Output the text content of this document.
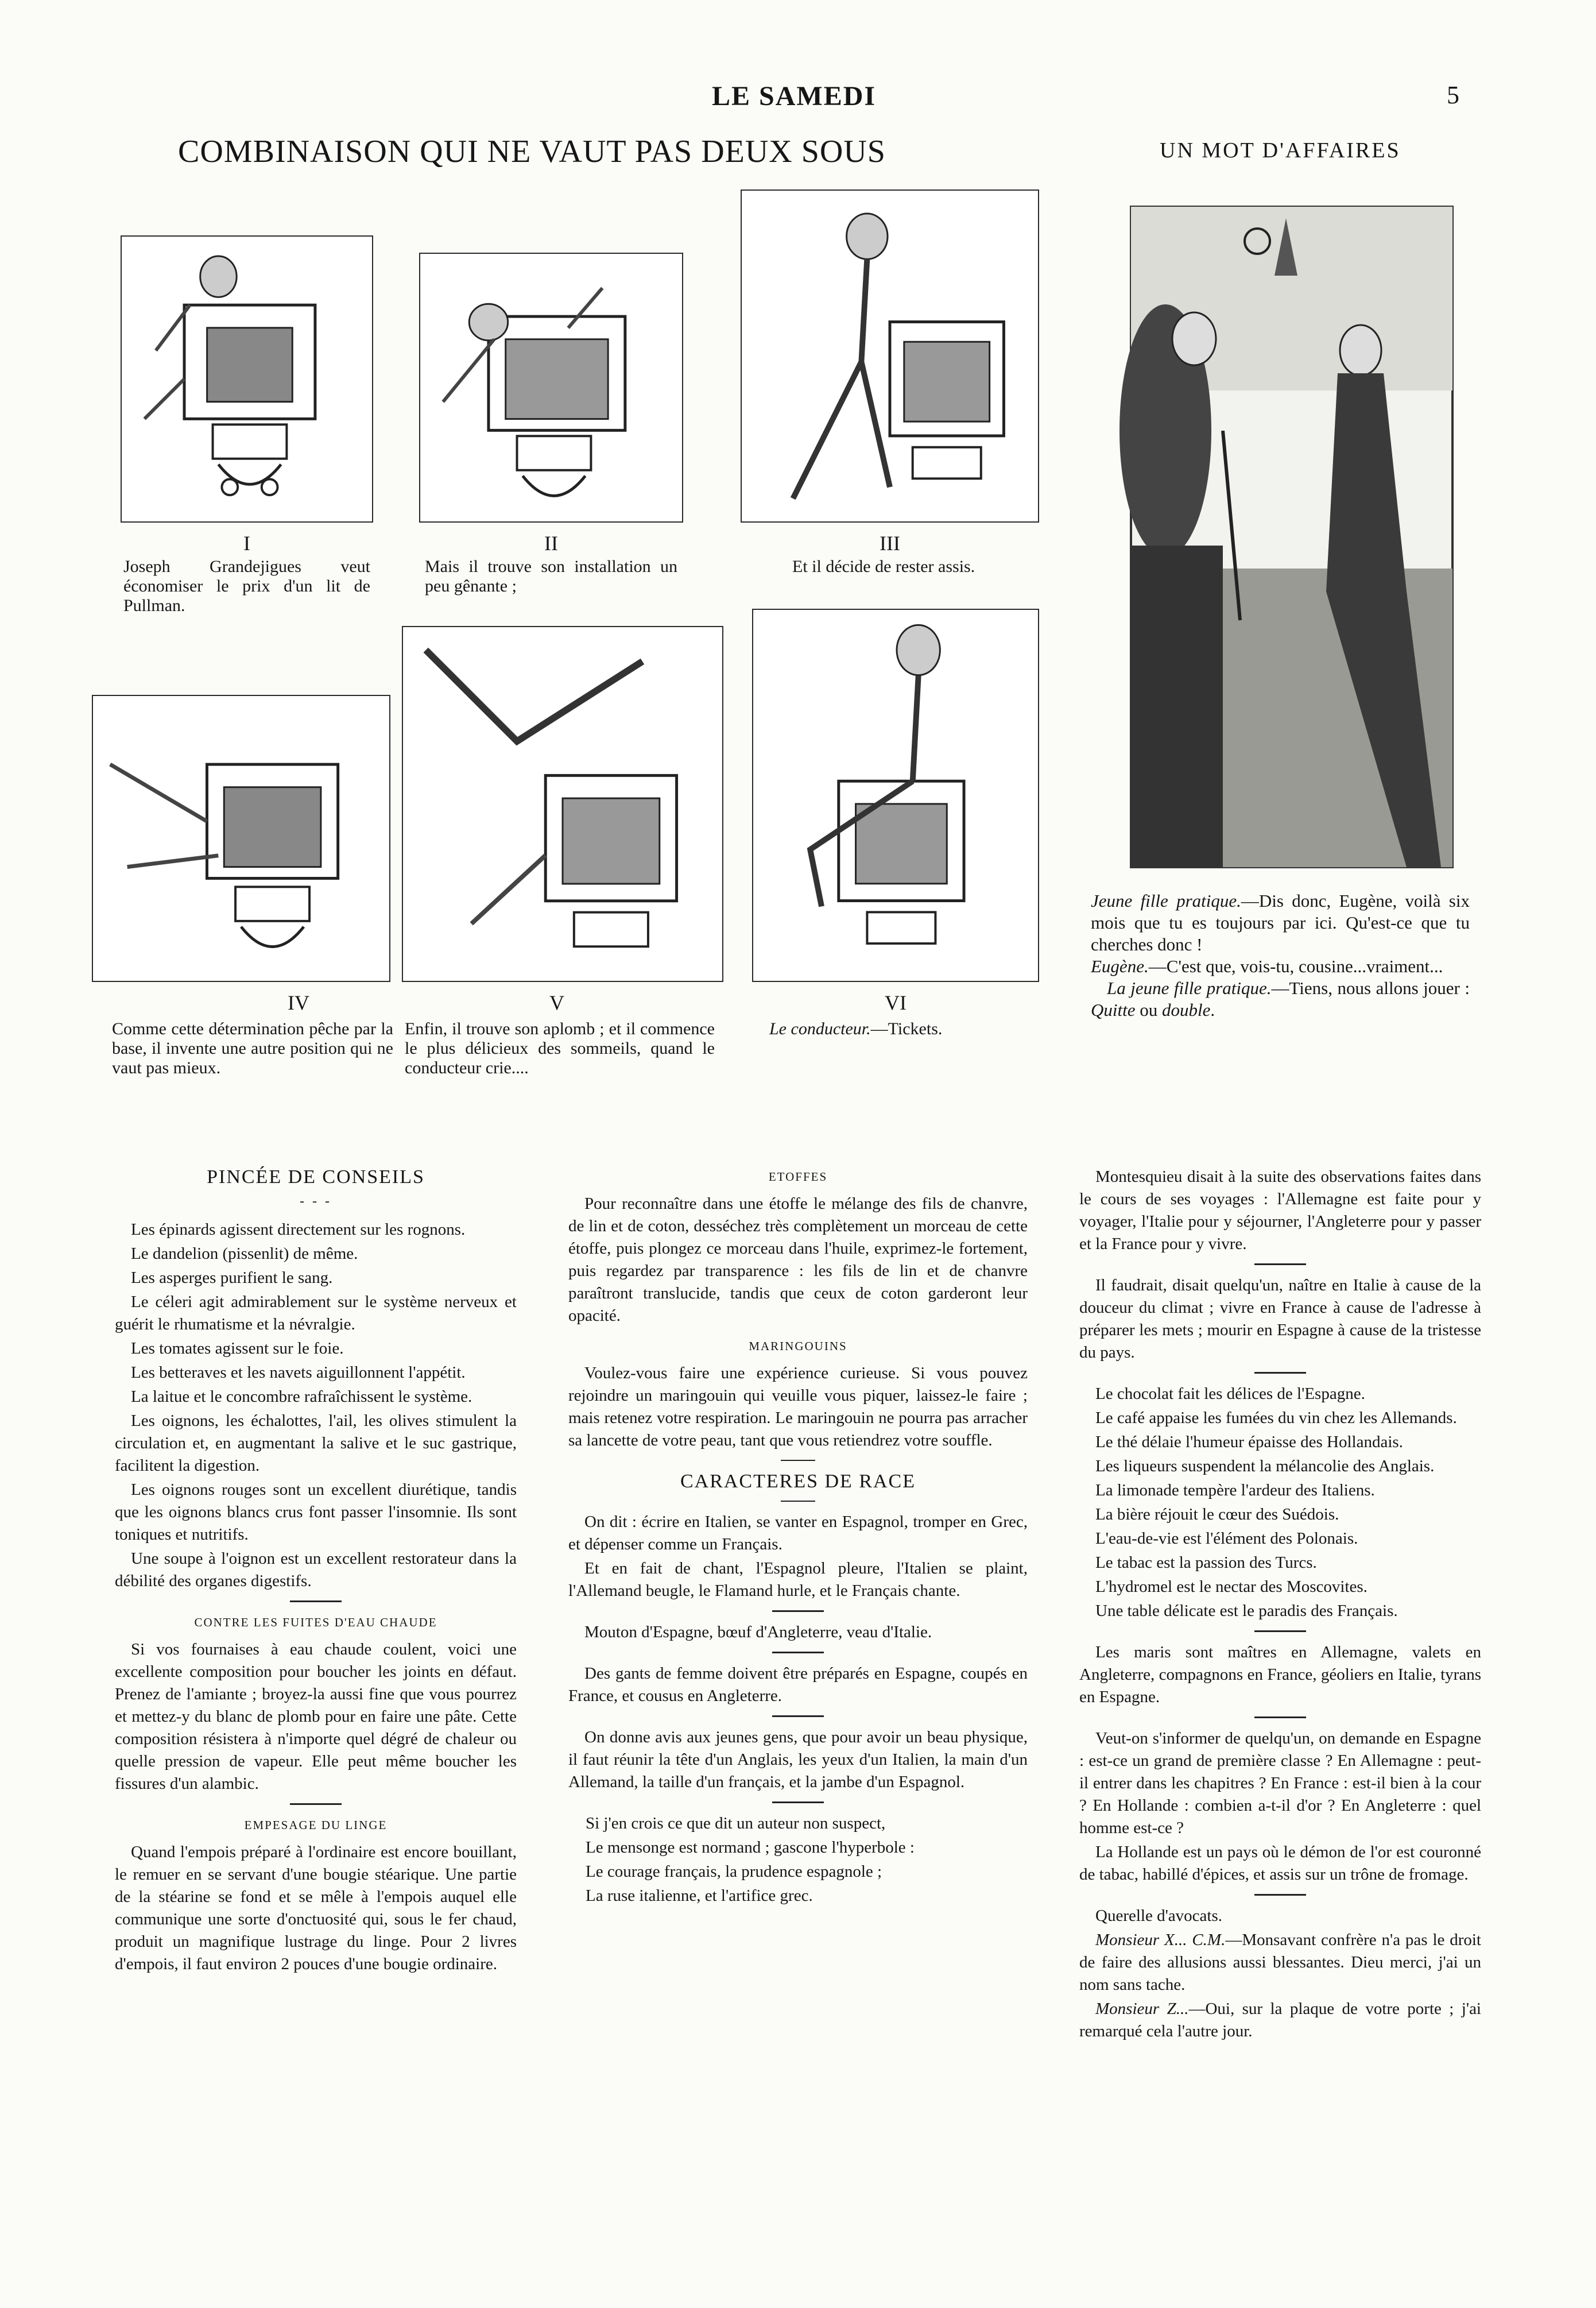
LE SAMEDI	5
COMBINAISON QUI NE VAUT PAS DEUX SOUS	UN MOT D'AFFAIRES
I
Joseph Grandejigues veut économiser le prix d'un lit de Pullman.
II
Mais il trouve son installation un peu gênante ;
III
Et il décide de rester assis.
IV
Comme cette détermination pêche par la base, il invente une autre position qui ne vaut pas mieux.
V
Enfin, il trouve son aplomb ; et il commence le plus délicieux des sommeils, quand le conducteur crie....
VI
Le conducteur.—Tickets.

Jeune fille pratique.—Dis donc, Eugène, voilà six mois que tu es toujours par ici. Qu'est-ce que tu cherches donc !

Eugène.—C'est que, vois-tu, cousine...vraiment...

La jeune fille pratique.—Tiens, nous allons jouer : Quitte ou double.

PINCÉE DE CONSEILS
- - -

Les épinards agissent directement sur les rognons.

Le dandelion (pissenlit) de même.

Les asperges purifient le sang.

Le céleri agit admirablement sur le système nerveux et guérit le rhumatisme et la névralgie.

Les tomates agissent sur le foie.

Les betteraves et les navets aiguillonnent l'appétit.

La laitue et le concombre rafraîchissent le système.

Les oignons, les échalottes, l'ail, les olives stimulent la circulation et, en augmentant la salive et le suc gastrique, facilitent la digestion.

Les oignons rouges sont un excellent diurétique, tandis que les oignons blancs crus font passer l'insomnie. Ils sont toniques et nutritifs.

Une soupe à l'oignon est un excellent restorateur dans la débilité des organes digestifs.

CONTRE LES FUITES D'EAU CHAUDE

Si vos fournaises à eau chaude coulent, voici une excellente composition pour boucher les joints en défaut. Prenez de l'amiante ; broyez-la aussi fine que vous pourrez et mettez-y du blanc de plomb pour en faire une pâte. Cette composition résistera à n'importe quel dégré de chaleur ou quelle pression de vapeur. Elle peut même boucher les fissures d'un alambic.

EMPESAGE DU LINGE

Quand l'empois préparé à l'ordinaire est encore bouillant, le remuer en se servant d'une bougie stéarique. Une partie de la stéarine se fond et se mêle à l'empois auquel elle communique une sorte d'onctuosité qui, sous le fer chaud, produit un magnifique lustrage du linge. Pour 2 livres d'empois, il faut environ 2 pouces d'une bougie ordinaire.

ETOFFES

Pour reconnaître dans une étoffe le mélange des fils de chanvre, de lin et de coton, desséchez très complètement un morceau de cette étoffe, puis plongez ce morceau dans l'huile, exprimez-le fortement, puis regardez par transparence : les fils de lin et de chanvre paraîtront translucide, tandis que ceux de coton garderont leur opacité.

MARINGOUINS

Voulez-vous faire une expérience curieuse. Si vous pouvez rejoindre un maringouin qui veuille vous piquer, laissez-le faire ; mais retenez votre respiration. Le maringouin ne pourra pas arracher sa lancette de votre peau, tant que vous retiendrez votre souffle.

CARACTERES DE RACE

On dit : écrire en Italien, se vanter en Espagnol, tromper en Grec, et dépenser comme un Français.

Et en fait de chant, l'Espagnol pleure, l'Italien se plaint, l'Allemand beugle, le Flamand hurle, et le Français chante.

Mouton d'Espagne, bœuf d'Angleterre, veau d'Italie.

Des gants de femme doivent être préparés en Espagne, coupés en France, et cousus en Angleterre.

On donne avis aux jeunes gens, que pour avoir un beau physique, il faut réunir la tête d'un Anglais, les yeux d'un Italien, la main d'un Allemand, la taille d'un français, et la jambe d'un Espagnol.

Si j'en crois ce que dit un auteur non suspect,

Le mensonge est normand ; gascone l'hyperbole :

Le courage français, la prudence espagnole ;

La ruse italienne, et l'artifice grec.

Montesquieu disait à la suite des observations faites dans le cours de ses voyages : l'Allemagne est faite pour y voyager, l'Italie pour y séjourner, l'Angleterre pour y passer et la France pour y vivre.

Il faudrait, disait quelqu'un, naître en Italie à cause de la douceur du climat ; vivre en France à cause de l'adresse à préparer les mets ; mourir en Espagne à cause de la tristesse du pays.

Le chocolat fait les délices de l'Espagne.

Le café appaise les fumées du vin chez les Allemands.

Le thé délaie l'humeur épaisse des Hollandais.

Les liqueurs suspendent la mélancolie des Anglais.

La limonade tempère l'ardeur des Italiens.

La bière réjouit le cœur des Suédois.

L'eau-de-vie est l'élément des Polonais.

Le tabac est la passion des Turcs.

L'hydromel est le nectar des Moscovites.

Une table délicate est le paradis des Français.

Les maris sont maîtres en Allemagne, valets en Angleterre, compagnons en France, géoliers en Italie, tyrans en Espagne.

Veut-on s'informer de quelqu'un, on demande en Espagne : est-ce un grand de première classe ? En Allemagne : peut-il entrer dans les chapitres ? En France : est-il bien à la cour ? En Hollande : combien a-t-il d'or ? En Angleterre : quel homme est-ce ?

La Hollande est un pays où le démon de l'or est couronné de tabac, habillé d'épices, et assis sur un trône de fromage.

Querelle d'avocats.

Monsieur X... C.M.—Monsavant confrère n'a pas le droit de faire des allusions aussi blessantes. Dieu merci, j'ai un nom sans tache.

Monsieur Z...—Oui, sur la plaque de votre porte ; j'ai remarqué cela l'autre jour.
